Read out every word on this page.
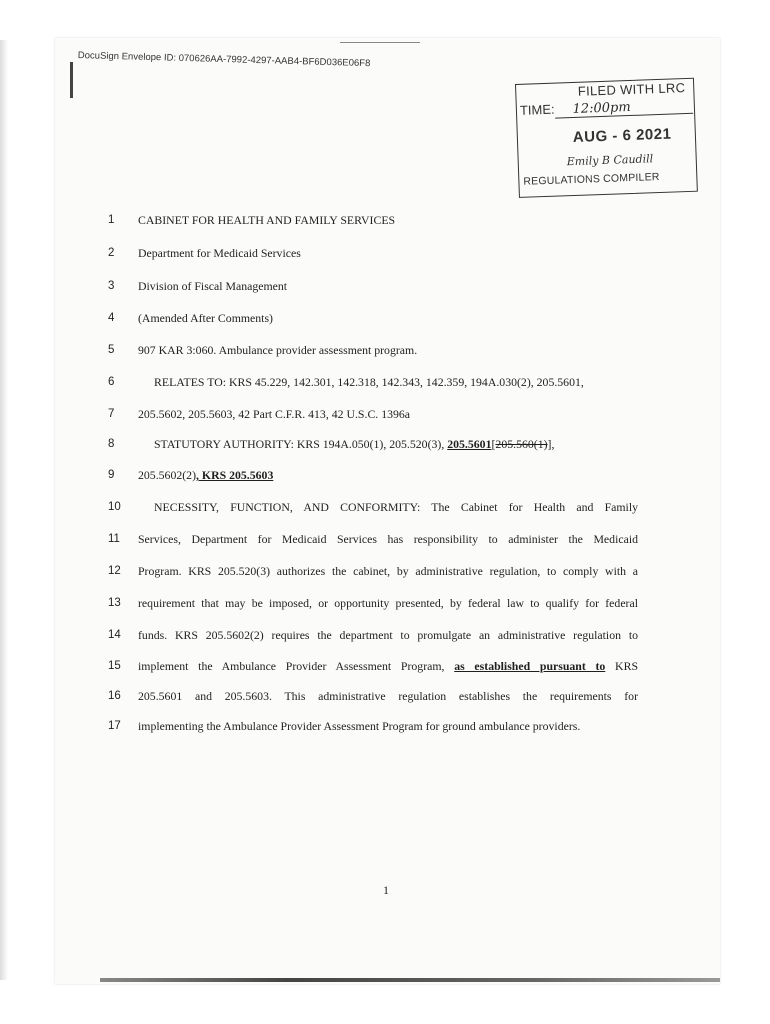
DocuSign Envelope ID: 070626AA-7992-4297-AAB4-BF6D036E06F8
FILED WITH LRC
TIME: 12:00pm
AUG - 6 2021
Emily B Caudill
REGULATIONS COMPILER
1 CABINET FOR HEALTH AND FAMILY SERVICES
2 Department for Medicaid Services
3 Division of Fiscal Management
4 (Amended After Comments)
5 907 KAR 3:060. Ambulance provider assessment program.
6	RELATES TO: KRS 45.229, 142.301, 142.318, 142.343, 142.359, 194A.030(2), 205.5601,
7 205.5602, 205.5603, 42 Part C.F.R. 413, 42 U.S.C. 1396a
8	STATUTORY AUTHORITY: KRS 194A.050(1), 205.520(3), 205.5601[205.560(1)],
9 205.5602(2), KRS 205.5603
10	NECESSITY, FUNCTION, AND CONFORMITY: The Cabinet for Health and Family
11 Services, Department for Medicaid Services has responsibility to administer the Medicaid
12 Program. KRS 205.520(3) authorizes the cabinet, by administrative regulation, to comply with a
13 requirement that may be imposed, or opportunity presented, by federal law to qualify for federal
14 funds. KRS 205.5602(2) requires the department to promulgate an administrative regulation to
15 implement the Ambulance Provider Assessment Program, as established pursuant to KRS
16 205.5601 and 205.5603. This administrative regulation establishes the requirements for
17 implementing the Ambulance Provider Assessment Program for ground ambulance providers.
1
